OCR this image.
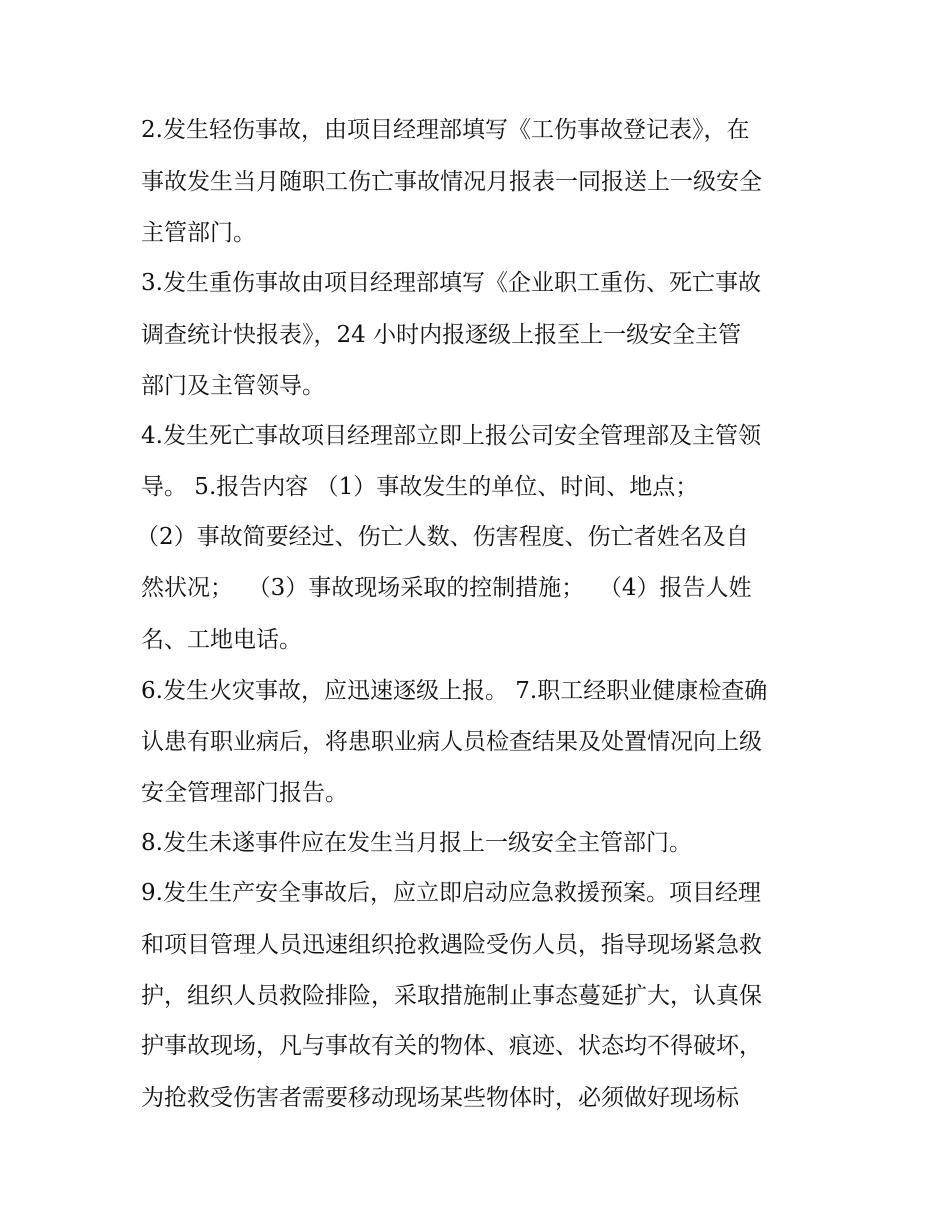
2.发生轻伤事故，由项目经理部填写《工伤事故登记表》，在
事故发生当月随职工伤亡事故情况月报表一同报送上一级安全
主管部门。
3.发生重伤事故由项目经理部填写《企业职工重伤、死亡事故
调查统计快报表》，24 小时内报逐级上报至上一级安全主管
部门及主管领导。
4.发生死亡事故项目经理部立即上报公司安全管理部及主管领
导。 5.报告内容 （1）事故发生的单位、时间、地点；
（2）事故简要经过、伤亡人数、伤害程度、伤亡者姓名及自
然状况；  （3）事故现场采取的控制措施；  （4）报告人姓
名、工地电话。
6.发生火灾事故，应迅速逐级上报。 7.职工经职业健康检查确
认患有职业病后，将患职业病人员检查结果及处置情况向上级
安全管理部门报告。
8.发生未遂事件应在发生当月报上一级安全主管部门。
9.发生生产安全事故后，应立即启动应急救援预案。项目经理
和项目管理人员迅速组织抢救遇险受伤人员，指导现场紧急救
护，组织人员救险排险，采取措施制止事态蔓延扩大，认真保
护事故现场，凡与事故有关的物体、痕迹、状态均不得破坏，
为抢救受伤害者需要移动现场某些物体时，必须做好现场标
